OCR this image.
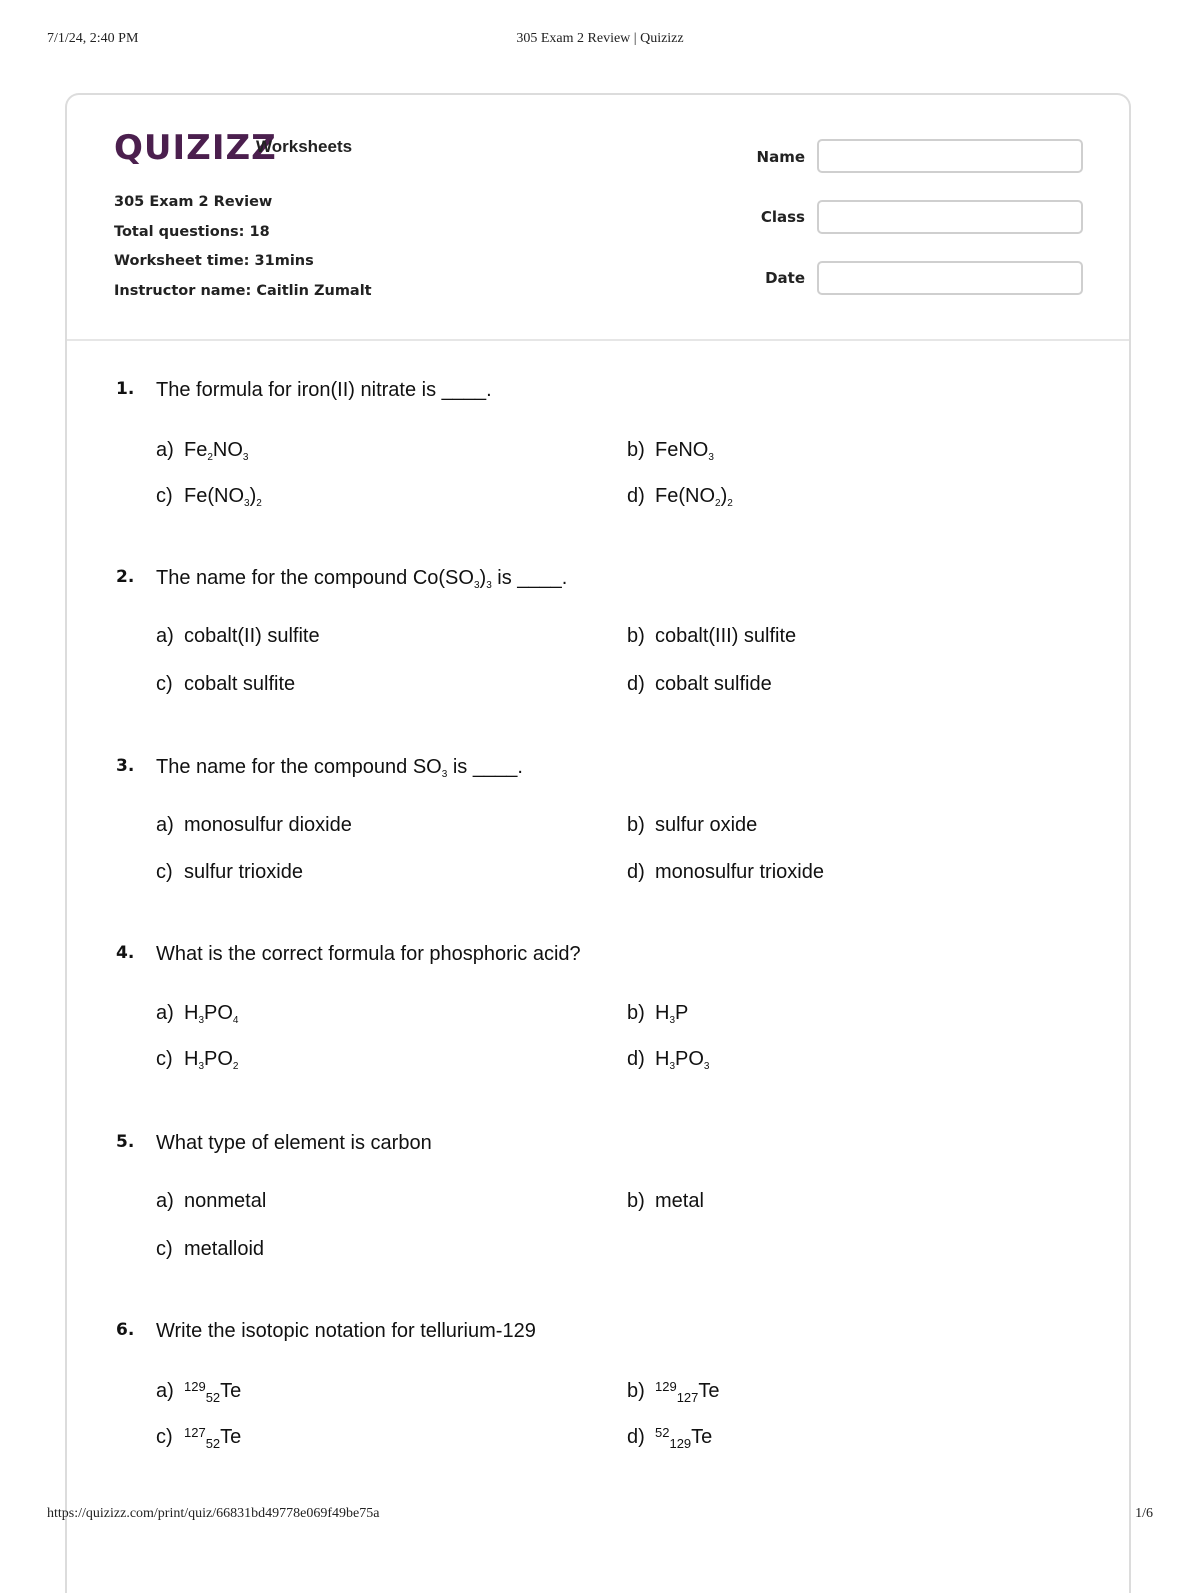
7/1/24, 2:40 PM	305 Exam 2 Review | Quizizz
QUIZIZZ
Worksheets
305 Exam 2 Review
Total questions: 18
Worksheet time: 31mins
Instructor name: Caitlin Zumalt
Name
Class
Date
1.	The formula for iron(II) nitrate is ____.
a) $Fe_2NO_3$	b) FeNO$_3$
c) $Fe(NO_3)_2$	d) $Fe(NO_2)_2$
2.	The name for the compound $Co(SO_3)_3$ is ____.
a) cobalt(II) sulfite	b) cobalt(III) sulfite
c) cobalt sulfite	d) cobalt sulfide
3.	The name for the compound $SO_3$ is ____.
a) monosulfur dioxide	b) sulfur oxide
c) sulfur trioxide	d) monosulfur trioxide
4.	What is the correct formula for phosphoric acid?
a) $H_3PO_4$	b) $H_3P$
c) $H_3PO_2$	d) $H_3PO_3$
5.	What type of element is carbon
a) nonmetal	b) metal
c) metalloid
6.	Write the isotopic notation for tellurium-129
a) $^{129}_{52}$Te	b) $^{129}_{127}$Te
c) $^{127}_{52}$Te	d) $^{52}_{129}$Te
https://quizizz.com/print/quiz/66831bd49778e069f49be75a	1/6
